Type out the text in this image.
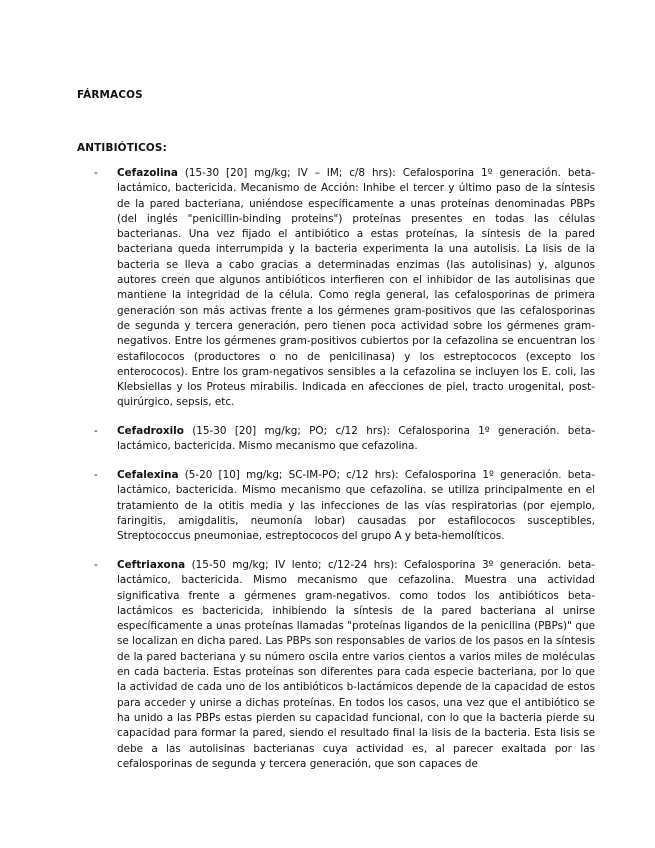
FÁRMACOS
ANTIBIÓTICOS:
- Cefazolina (15-30 [20] mg/kg; IV – IM; c/8 hrs): Cefalosporina 1º generación. beta-lactámico, bactericida. Mecanismo de Acción: Inhibe el tercer y último paso de la síntesis de la pared bacteriana, uniéndose específicamente a unas proteínas denominadas PBPs (del inglés "penicillin-binding proteins") proteínas presentes en todas las células bacterianas. Una vez fijado el antibiótico a estas proteínas, la síntesis de la pared bacteriana queda interrumpida y la bacteria experimenta la una autolisis. La lisis de la bacteria se lleva a cabo gracias a determinadas enzimas (las autolisinas) y, algunos autores creen que algunos antibióticos interfieren con el inhibidor de las autolisinas que mantiene la integridad de la célula. Como regla general, las cefalosporinas de primera generación son más activas frente a los gérmenes gram-positivos que las cefalosporinas de segunda y tercera generación, pero tienen poca actividad sobre los gérmenes gram-negativos. Entre los gérmenes gram-positivos cubiertos por la cefazolina se encuentran los estafilococos (productores o no de penicilinasa) y los estreptococos (excepto los enterococos). Entre los gram-negativos sensibles a la cefazolina se incluyen los E. coli, las Klebsiellas y los Proteus mirabilis. Indicada en afecciones de piel, tracto urogenital, post-quirúrgico, sepsis, etc.
- Cefadroxilo (15-30 [20] mg/kg; PO; c/12 hrs): Cefalosporina 1º generación. beta-lactámico, bactericida. Mismo mecanismo que cefazolina.
- Cefalexina (5-20 [10] mg/kg; SC-IM-PO; c/12 hrs): Cefalosporina 1º generación. beta-lactámico, bactericida. Mismo mecanismo que cefazolina. se utiliza principalmente en el tratamiento de la otitis media y las infecciones de las vías respiratorias (por ejemplo, faringitis, amigdalitis, neumonía lobar) causadas por estafilococos susceptibles, Streptococcus pneumoniae, estreptococos del grupo A y beta-hemolíticos.
- Ceftriaxona (15-50 mg/kg; IV lento; c/12-24 hrs): Cefalosporina 3º generación. beta-lactámico, bactericida. Mismo mecanismo que cefazolina. Muestra una actividad significativa frente a gérmenes gram-negativos. como todos los antibióticos beta-lactámicos es bactericida, inhibiendo la síntesis de la pared bacteriana al unirse específicamente a unas proteínas llamadas "proteínas ligandos de la penicilina (PBPs)" que se localizan en dicha pared. Las PBPs son responsables de varios de los pasos en la síntesis de la pared bacteriana y su número oscila entre varios cientos a varios miles de moléculas en cada bacteria. Estas proteínas son diferentes para cada especie bacteriana, por lo que la actividad de cada uno de los antibióticos b-lactámicos depende de la capacidad de estos para acceder y unirse a dichas proteínas. En todos los casos, una vez que el antibiótico se ha unido a las PBPs estas pierden su capacidad funcional, con lo que la bacteria pierde su capacidad para formar la pared, siendo el resultado final la lisis de la bacteria. Esta lisis se debe a las autolisinas bacterianas cuya actividad es, al parecer exaltada por las cefalosporinas de segunda y tercera generación, que son capaces de
